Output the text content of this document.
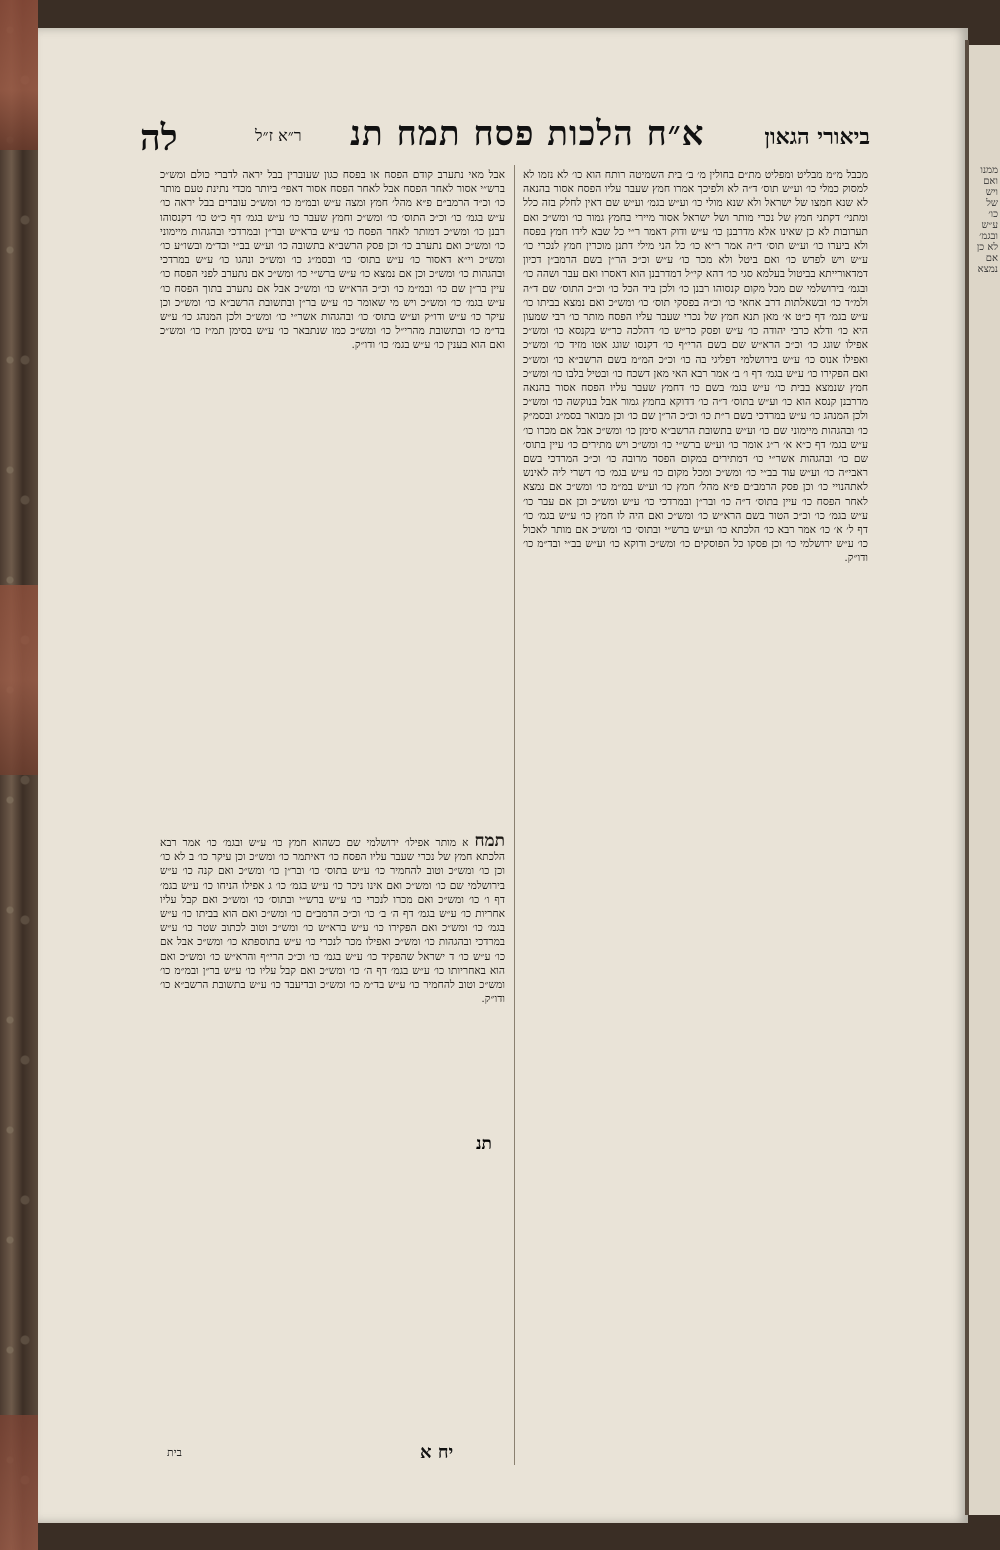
ממנו ואם ויש של כו׳ ע״ש ובגמ׳ לא כן אם נמצא
לה	ר״א ז״ל א״ח הלכות פסח תמח תנ	ביאורי הגאון
מכבל מ״מ מבליט ומפליט מת״ם בחולין מ׳ ב׳ בית השמיטה רותח הוא כו׳ לא נזמו לא למסוק כמלי כו׳ וע״ש תוס׳ ד״ה לא ולפיכך אמרו חמץ שעבר עליו הפסח אסור בהנאה לא שנא חמצו של ישראל ולא שנא מולי כו׳ וע״ש בגמ׳ וע״ש שם דאין לחלק בזה כלל ומתני׳ דקתני חמץ של נכרי מותר ושל ישראל אסור מיירי בחמץ גמור כו׳ ומש״כ ואם תערובות לא כן שאינו אלא מדרבנן כו׳ ע״ש ודוק דאמר ר״י כל שבא לידו חמץ בפסח ולא ביערו כו׳ וע״ש תוס׳ ד״ה אמר ר״א כו׳ כל הני מילי דתנן מוכרין חמץ לנכרי כו׳ ע״ש ויש לפרש כו׳ ואם ביטל ולא מכר כו׳ ע״ש וכ״כ הר״ן בשם הרמב״ן דכיון דמדאורייתא בביטול בעלמא סגי כו׳ דהא קי״ל דמדרבנן הוא דאסרו ואם עבר ושהה כו׳ ובגמ׳ בירושלמי שם מכל מקום קנסוהו רבנן כו׳ ולכן ביד הכל כו׳ וכ״כ התוס׳ שם ד״ה ולמ״ד כו׳ ובשאלתות דרב אחאי כו׳ וכ״ה בפסקי תוס׳ כו׳ ומש״כ ואם נמצא בביתו כו׳ ע״ש בגמ׳ דף כ״ט א׳ מאן תנא חמץ של נכרי שעבר עליו הפסח מותר כו׳ רבי שמעון היא כו׳ ודלא כרבי יהודה כו׳ ע״ש ופסק כר״ש כו׳ דהלכה כר״ש בקנסא כו׳ ומש״כ אפילו שוגג כו׳ וכ״כ הרא״ש שם בשם הרי״ף כו׳ דקנסו שוגג אטו מזיד כו׳ ומש״כ ואפילו אנוס כו׳ ע״ש בירושלמי דפליגי בה כו׳ וכ״כ המ״מ בשם הרשב״א כו׳ ומש״כ ואם הפקירו כו׳ ע״ש בגמ׳ דף ו׳ ב׳ אמר רבא האי מאן דשכח כו׳ ובטיל בלבו כו׳ ומש״כ חמץ שנמצא בבית כו׳ ע״ש בגמ׳ בשם כו׳ דחמץ שעבר עליו הפסח אסור בהנאה מדרבנן קנסא הוא כו׳ וע״ש בתוס׳ ד״ה כו׳ דדוקא בחמץ גמור אבל בנוקשה כו׳ ומש״כ ולכן המנהג כו׳ ע״ש במרדכי בשם ר״ת כו׳ וכ״כ הר״ן שם כו׳ וכן מבואר בסמ״ג ובסמ״ק כו׳ ובהגהות מיימוני שם כו׳ וע״ש בתשובת הרשב״א סימן כו׳ ומש״כ אבל אם מכרו כו׳ ע״ש בגמ׳ דף כ״א א׳ ר״ג אומר כו׳ וע״ש ברש״י כו׳ ומש״כ ויש מתירים כו׳ עיין בתוס׳ שם כו׳ ובהגהות אשר״י כו׳ דמתירים במקום הפסד מרובה כו׳ וכ״כ המרדכי בשם ראבי״ה כו׳ וע״ש עוד בב״י כו׳ ומש״כ ומכל מקום כו׳ ע״ש בגמ׳ כו׳ דשרי ליה לאינש לאתהנויי כו׳ וכן פסק הרמב״ם פ״א מהל׳ חמץ כו׳ וע״ש במ״מ כו׳ ומש״כ אם נמצא לאחר הפסח כו׳ עיין בתוס׳ ד״ה כו׳ ובר״ן ובמרדכי כו׳ ע״ש ומש״כ וכן אם עבר כו׳ ע״ש בגמ׳ כו׳ וכ״כ הטור בשם הרא״ש כו׳ ומש״כ ואם היה לו חמץ כו׳ ע״ש בגמ׳ כו׳ דף ל׳ א׳ כו׳ אמר רבא כו׳ הלכתא כו׳ וע״ש ברש״י ובתוס׳ כו׳ ומש״כ אם מותר לאכול כו׳ ע״ש ירושלמי כו׳ וכן פסקו כל הפוסקים כו׳ ומש״כ ודוקא כו׳ וע״ש בב״י ובד״מ כו׳ ודו״ק.
אבל מאי נתערב קודם הפסח או בפסח כגון שעוברין בבל יראה לדברי כולם ומש״כ ברש״י אסור לאחר הפסח אבל לאחר הפסח אסור דאפי׳ ביותר מכדי נתינת טעם מותר כו׳ וכ״ד הרמב״ם פ״א מהל׳ חמץ ומצה ע״ש ובמ״מ כו׳ ומש״כ עוברים בבל יראה כו׳ ע״ש בגמ׳ כו׳ וכ״כ התוס׳ כו׳ ומש״כ וחמץ שעבר כו׳ ע״ש בגמ׳ דף כ״ט כו׳ דקנסוהו רבנן כו׳ ומש״כ דמותר לאחר הפסח כו׳ ע״ש ברא״ש ובר״ן ובמרדכי ובהגהות מיימוני כו׳ ומש״כ ואם נתערב כו׳ וכן פסק הרשב״א בתשובה כו׳ וע״ש בב״י ובד״מ ובשו״ע כו׳ ומש״כ וי״א דאסור כו׳ ע״ש בתוס׳ כו׳ ובסמ״ג כו׳ ומש״כ ונהגו כו׳ ע״ש במרדכי ובהגהות כו׳ ומש״כ וכן אם נמצא כו׳ ע״ש ברש״י כו׳ ומש״כ אם נתערב לפני הפסח כו׳ עיין בר״ן שם כו׳ ובמ״מ כו׳ וכ״כ הרא״ש כו׳ ומש״כ אבל אם נתערב בתוך הפסח כו׳ ע״ש בגמ׳ כו׳ ומש״כ ויש מי שאומר כו׳ ע״ש בר״ן ובתשובת הרשב״א כו׳ ומש״כ וכן עיקר כו׳ ע״ש ודו״ק וע״ש בתוס׳ כו׳ ובהגהות אשר״י כו׳ ומש״כ ולכן המנהג כו׳ ע״ש בד״מ כו׳ ובתשובת מהרי״ל כו׳ ומש״כ כמו שנתבאר כו׳ ע״ש בסימן תמ״ז כו׳ ומש״כ ואם הוא בענין כו׳ ע״ש בגמ׳ כו׳ ודו״ק.
תמחא מותר אפילו׳ ירושלמי שם כשהוא חמץ כו׳ ע״ש ובגמ׳ כו׳ אמר רבא הלכתא חמץ של נכרי שעבר עליו הפסח כו׳ דאיתמר כו׳ ומש״כ וכן עיקר כו׳ ב לא כו׳ וכן כו׳ ומש״כ וטוב להחמיר כו׳ ע״ש בתוס׳ כו׳ ובר״ן כו׳ ומש״כ ואם קנה כו׳ ע״ש בירושלמי שם כו׳ ומש״כ ואם אינו ניכר כו׳ ע״ש בגמ׳ כו׳ ג אפילו הניחו כו׳ ע״ש בגמ׳ דף ו׳ כו׳ ומש״כ ואם מכרו לנכרי כו׳ ע״ש ברש״י ובתוס׳ כו׳ ומש״כ ואם קבל עליו אחריות כו׳ ע״ש בגמ׳ דף ה׳ ב׳ כו׳ וכ״כ הרמב״ם כו׳ ומש״כ ואם הוא בביתו כו׳ ע״ש בגמ׳ כו׳ ומש״כ ואם הפקירו כו׳ ע״ש ברא״ש כו׳ ומש״כ וטוב לכתוב שטר כו׳ ע״ש במרדכי ובהגהות כו׳ ומש״כ ואפילו מכר לנכרי כו׳ ע״ש בתוספתא כו׳ ומש״כ אבל אם כו׳ ע״ש כו׳ ד ישראל שהפקיד כו׳ ע״ש בגמ׳ כו׳ וכ״כ הרי״ף והרא״ש כו׳ ומש״כ ואם הוא באחריותו כו׳ ע״ש בגמ׳ דף ה׳ כו׳ ומש״כ ואם קבל עליו כו׳ ע״ש בר״ן ובמ״מ כו׳ ומש״כ וטוב להחמיר כו׳ ע״ש בד״מ כו׳ ומש״כ ובדיעבד כו׳ ע״ש בתשובת הרשב״א כו׳ ודו״ק.
תנ
יח א
בית
